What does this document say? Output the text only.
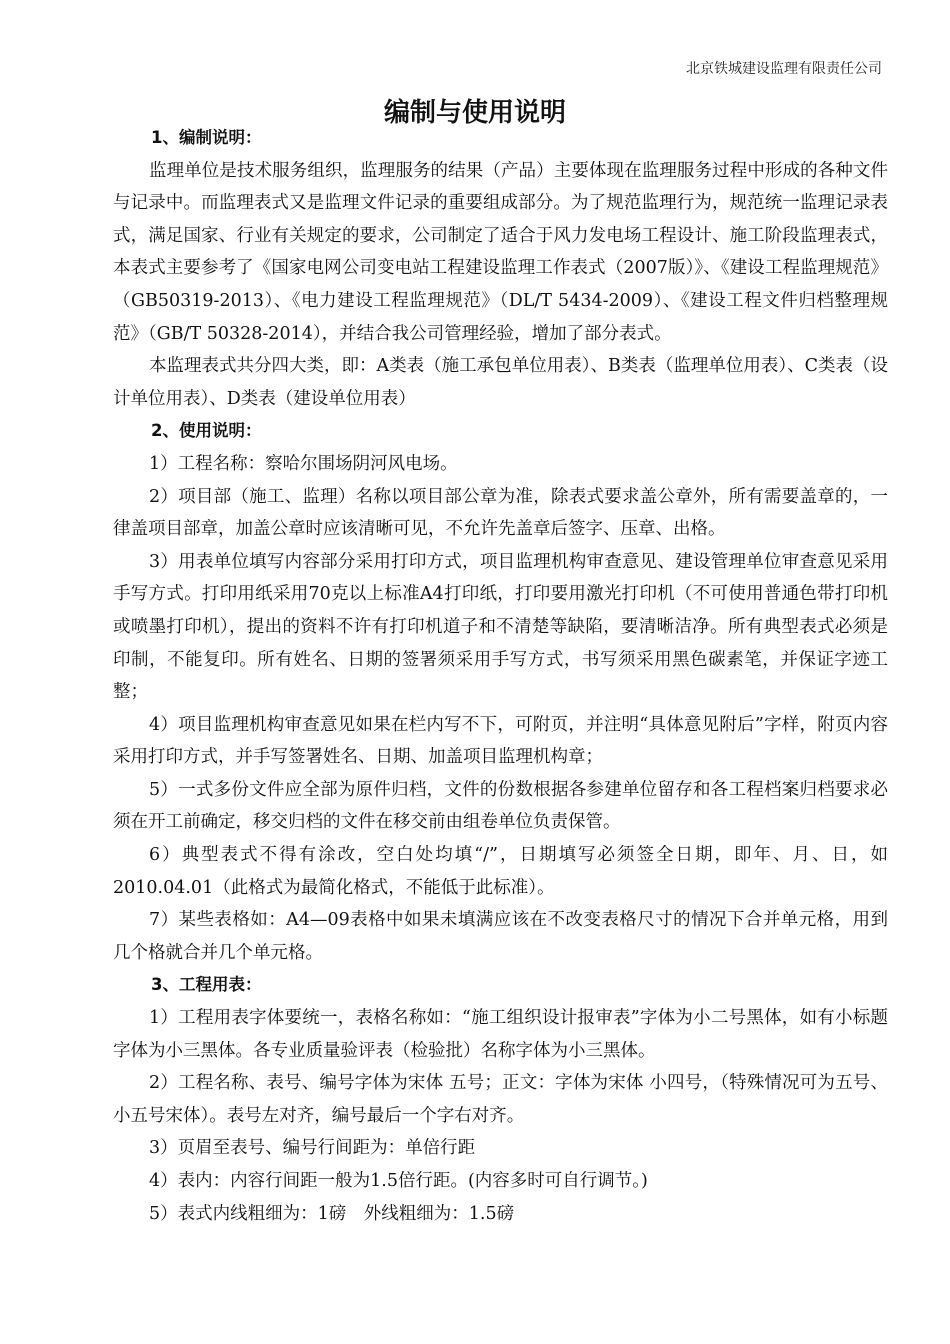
北京铁城建设监理有限责任公司
编制与使用说明
1、编制说明：

监理单位是技术服务组织，监理服务的结果（产品）主要体现在监理服务过程中形成的各种文件与记录中。而监理表式又是监理文件记录的重要组成部分。为了规范监理行为，规范统一监理记录表式，满足国家、行业有关规定的要求，公司制定了适合于风力发电场工程设计、施工阶段监理表式，本表式主要参考了《国家电网公司变电站工程建设监理工作表式（2007版）》、《建设工程监理规范》（GB50319-2013）、《电力建设工程监理规范》（DL/T 5434-2009）、《建设工程文件归档整理规范》（GB/T 50328-2014），并结合我公司管理经验，增加了部分表式。

本监理表式共分四大类，即：A类表（施工承包单位用表）、B类表（监理单位用表）、C类表（设计单位用表）、D类表（建设单位用表）

2、使用说明：

1）工程名称：察哈尔围场阴河风电场。

2）项目部（施工、监理）名称以项目部公章为准，除表式要求盖公章外，所有需要盖章的，一律盖项目部章，加盖公章时应该清晰可见，不允许先盖章后签字、压章、出格。

3）用表单位填写内容部分采用打印方式，项目监理机构审查意见、建设管理单位审查意见采用手写方式。打印用纸采用70克以上标准A4打印纸，打印要用激光打印机（不可使用普通色带打印机或喷墨打印机），提出的资料不许有打印机道子和不清楚等缺陷，要清晰洁净。所有典型表式必须是印制，不能复印。所有姓名、日期的签署须采用手写方式，书写须采用黑色碳素笔，并保证字迹工整；

4）项目监理机构审查意见如果在栏内写不下，可附页，并注明“具体意见附后”字样，附页内容采用打印方式，并手写签署姓名、日期、加盖项目监理机构章；

5）一式多份文件应全部为原件归档，文件的份数根据各参建单位留存和各工程档案归档要求必须在开工前确定，移交归档的文件在移交前由组卷单位负责保管。

6）典型表式不得有涂改，空白处均填“/”，日期填写必须签全日期，即年、月、日，如2010.04.01（此格式为最简化格式，不能低于此标准）。

7）某些表格如：A4—09表格中如果未填满应该在不改变表格尺寸的情况下合并单元格，用到几个格就合并几个单元格。

3、工程用表：

1）工程用表字体要统一，表格名称如：“施工组织设计报审表”字体为小二号黑体，如有小标题字体为小三黑体。各专业质量验评表（检验批）名称字体为小三黑体。

2）工程名称、表号、编号字体为宋体 五号；正文：字体为宋体 小四号，（特殊情况可为五号、小五号宋体）。表号左对齐，编号最后一个字右对齐。

3）页眉至表号、编号行间距为：单倍行距

4）表内：内容行间距一般为1.5倍行距。(内容多时可自行调节。)

5）表式内线粗细为：1磅　外线粗细为：1.5磅
